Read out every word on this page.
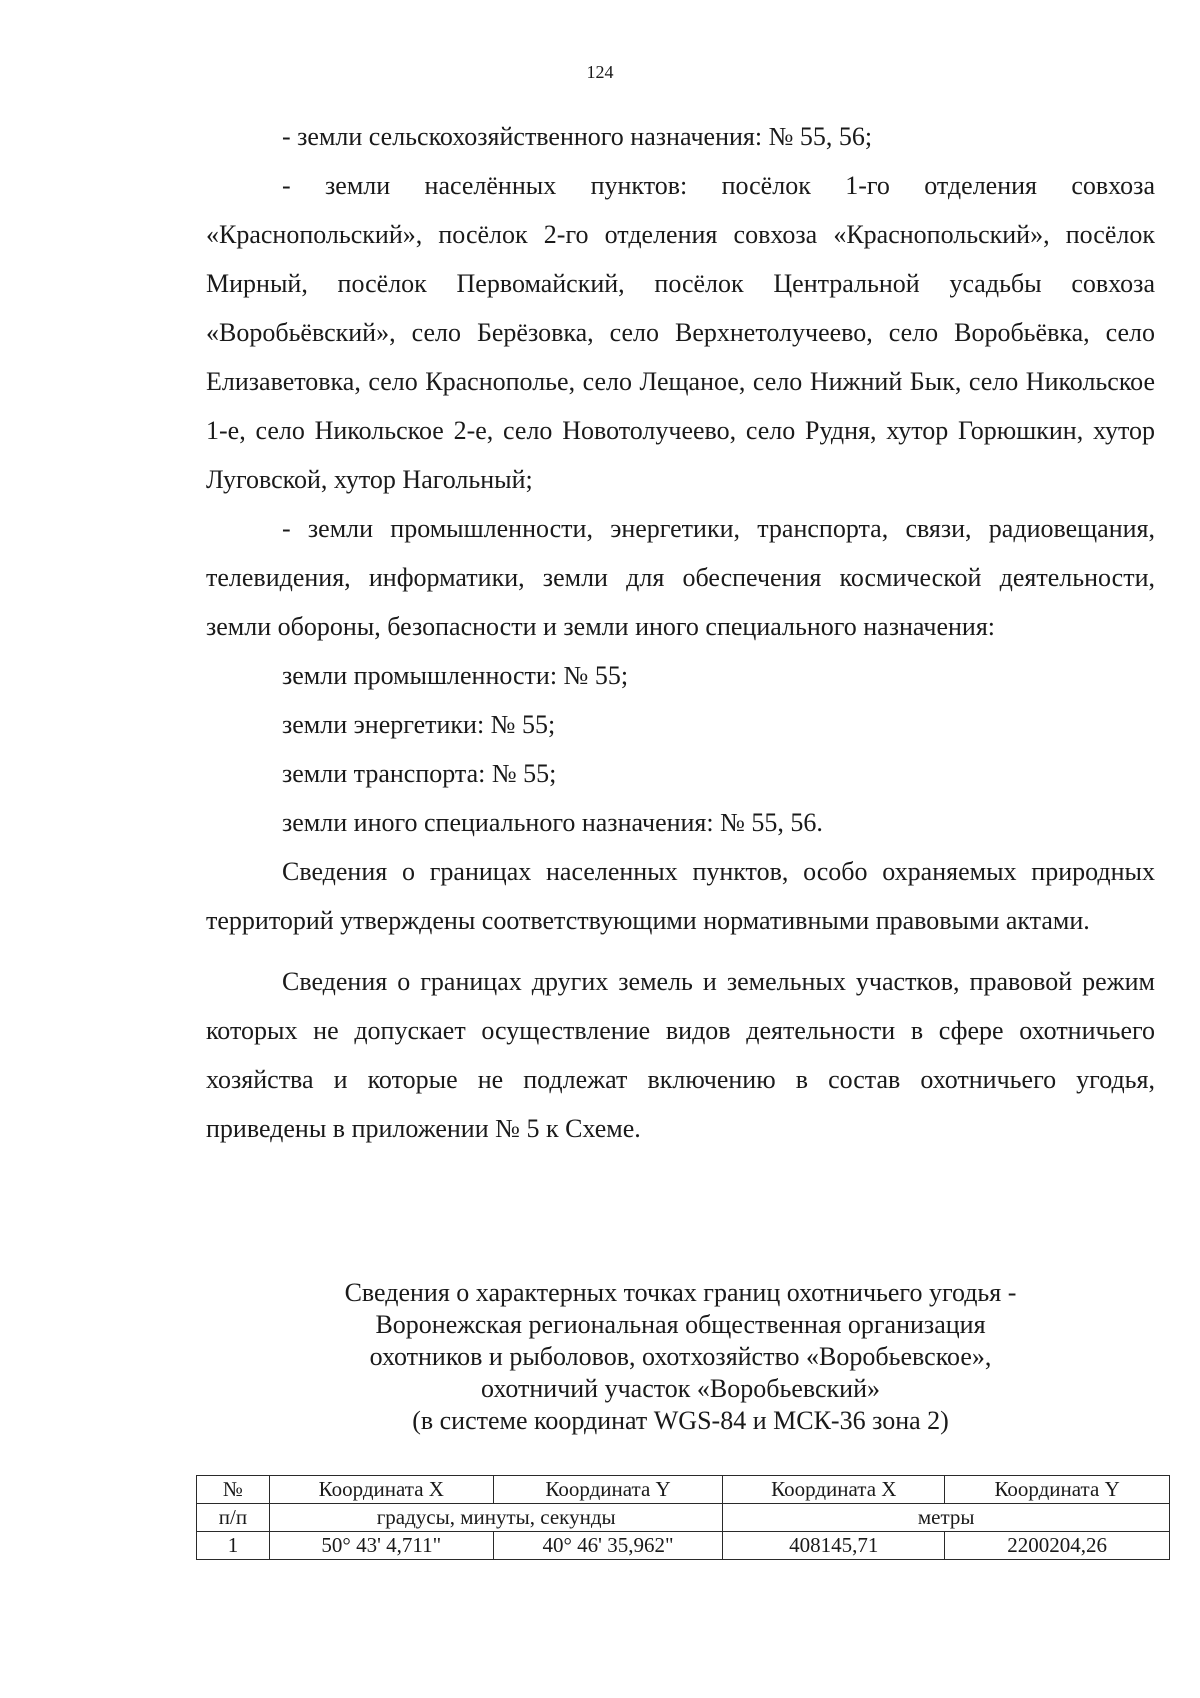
124

- земли сельскохозяйственного назначения: № 55, 56;

- земли населённых пунктов: посёлок 1-го отделения совхоза «Краснопольский», посёлок 2-го отделения совхоза «Краснопольский», посёлок Мирный, посёлок Первомайский, посёлок Центральной усадьбы совхоза «Воробьёвский», село Берёзовка, село Верхнетолучеево, село Воробьёвка, село Елизаветовка, село Краснополье, село Лещаное, село Нижний Бык, село Никольское 1-е, село Никольское 2-е, село Новотолучеево, село Рудня, хутор Горюшкин, хутор Луговской, хутор Нагольный;

- земли промышленности, энергетики, транспорта, связи, радиовещания, телевидения, информатики, земли для обеспечения космической деятельности, земли обороны, безопасности и земли иного специального назначения:

земли промышленности: № 55;

земли энергетики: № 55;

земли транспорта: № 55;

земли иного специального назначения: № 55, 56.

Сведения о границах населенных пунктов, особо охраняемых природных территорий утверждены соответствующими нормативными правовыми актами.

Сведения о границах других земель и земельных участков, правовой режим которых не допускает осуществление видов деятельности в сфере охотничьего хозяйства и которые не подлежат включению в состав охотничьего угодья, приведены в приложении № 5 к Схеме.

Сведения о характерных точках границ охотничьего угодья -
Воронежская региональная общественная организация
охотников и рыболовов, охотхозяйство «Воробьевское»,
охотничий участок «Воробьевский»
(в системе координат WGS-84 и МСК-36 зона 2)
№	Координата X	Координата Y	Координата X	Координата Y
п/п	градусы, минуты, секунды		метры	
1	50° 43' 4,711"	40° 46' 35,962"	408145,71	2200204,26
